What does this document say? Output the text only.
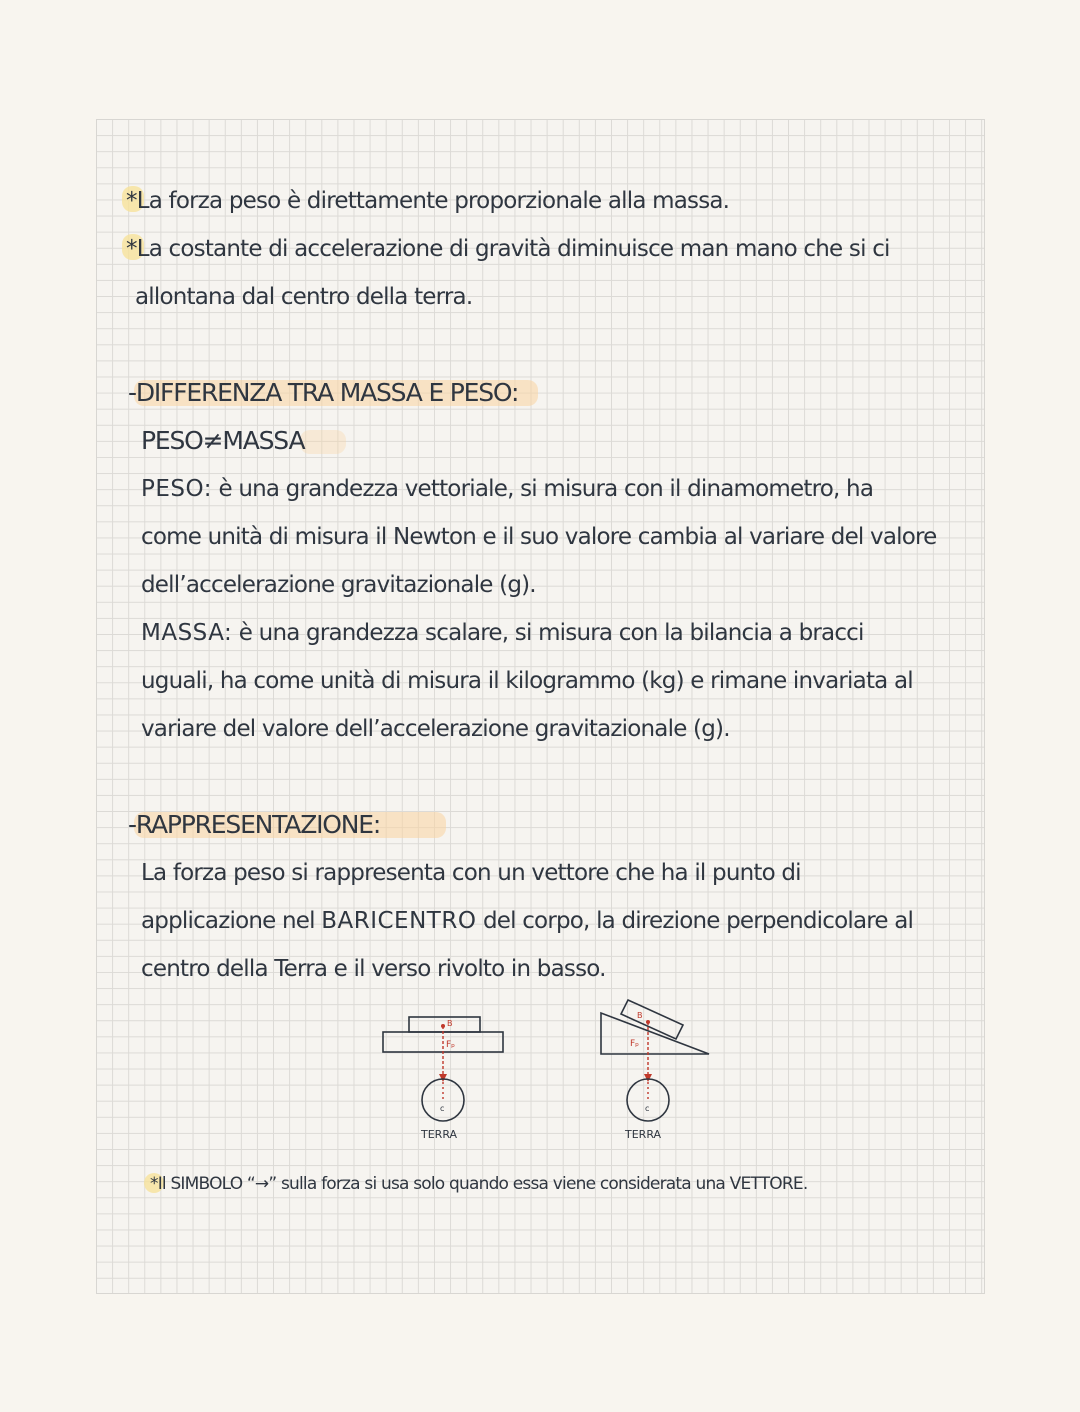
*La forza peso è direttamente proporzionale alla massa.
*La costante di accelerazione di gravità diminuisce man mano che si ci
allontana dal centro della terra.
-DIFFERENZA TRA MASSA E PESO:
PESO≠MASSA
PESO: è una grandezza vettoriale, si misura con il dinamometro, ha
come unità di misura il Newton e il suo valore cambia al variare del valore
dell’accelerazione gravitazionale (g).
MASSA: è una grandezza scalare, si misura con la bilancia a bracci
uguali, ha come unità di misura il kilogrammo (kg) e rimane invariata al
variare del valore dell’accelerazione gravitazionale (g).
-RAPPRESENTAZIONE:
La forza peso si rappresenta con un vettore che ha il punto di
applicazione nel BARICENTRO del corpo, la direzione perpendicolare al
centro della Terra e il verso rivolto in basso.
B
Fₚ
c
TERRA
B
Fₚ
c
TERRA
*Il SIMBOLO “→” sulla forza si usa solo quando essa viene considerata una VETTORE.
